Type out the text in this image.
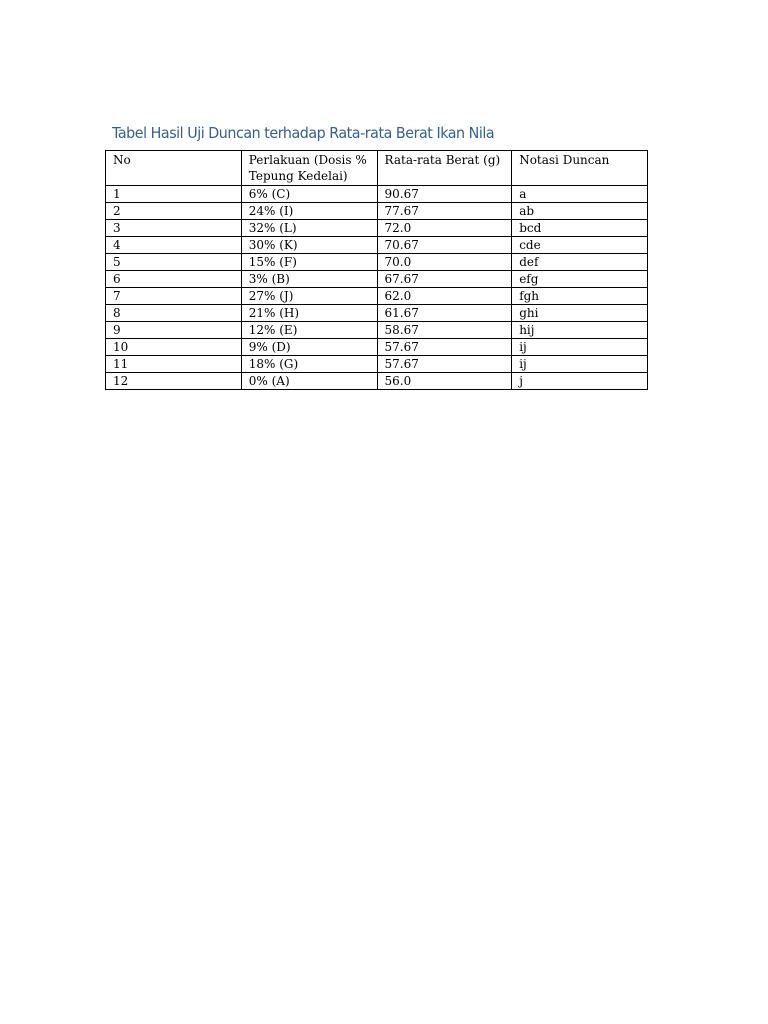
Tabel Hasil Uji Duncan terhadap Rata-rata Berat Ikan Nila
No	Perlakuan (Dosis % Tepung Kedelai)	Rata-rata Berat (g)	Notasi Duncan
1	6% (C)	90.67	a
2	24% (I)	77.67	ab
3	32% (L)	72.0	bcd
4	30% (K)	70.67	cde
5	15% (F)	70.0	def
6	3% (B)	67.67	efg
7	27% (J)	62.0	fgh
8	21% (H)	61.67	ghi
9	12% (E)	58.67	hij
10	9% (D)	57.67	ij
11	18% (G)	57.67	ij
12	0% (A)	56.0	j
